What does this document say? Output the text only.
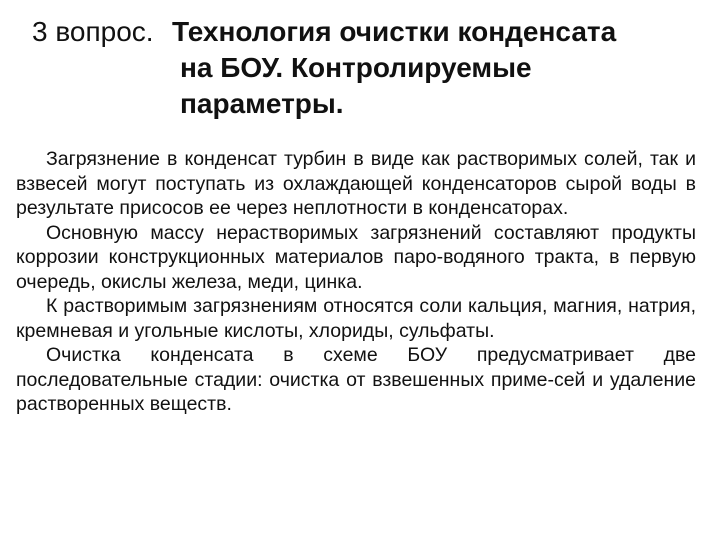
3 вопрос. Технология очистки конденсата
на БОУ. Контролируемые
параметры.

Загрязнение в конденсат турбин в виде как растворимых солей, так и взвесей могут поступать из охлаждающей конденсаторов сырой воды в результате присосов ее через неплотности в конденсаторах.

Основную массу нерастворимых загрязнений составляют продукты коррозии конструкционных материалов паро-водяного тракта, в первую очередь, окислы железа, меди, цинка.

К растворимым загрязнениям относятся соли кальция, магния, натрия, кремневая и угольные кислоты, хлориды, сульфаты.

Очистка конденсата в схеме БОУ предусматривает две последовательные стадии: очистка от взвешенных приме-сей и удаление растворенных веществ.
